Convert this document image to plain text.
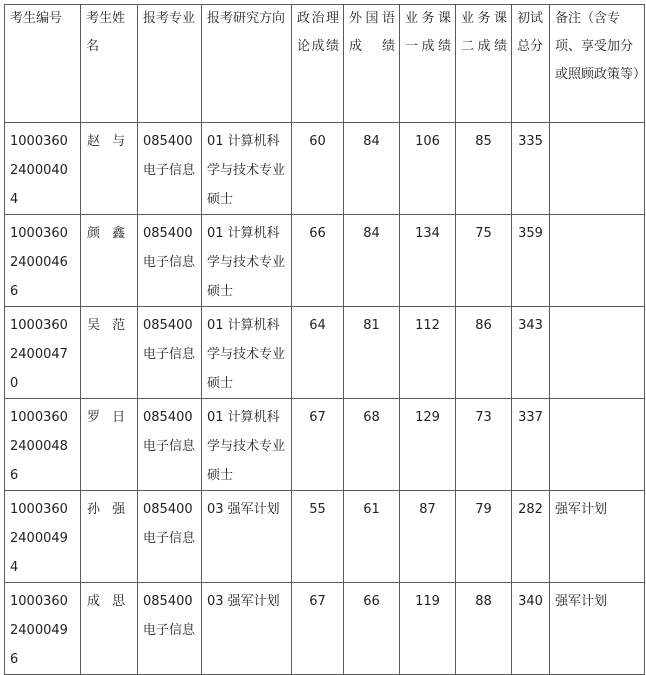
考生编号	考生姓名	报考专业	报考研究方向	政治理论成绩	外国语成绩	业务课一成绩	业务课二成绩	初试总分	备注（含专项、享受加分或照顾政策等）
100036024000404	赵 与	085400电子信息	01 计算机科学与技术专业硕士	60	84	106	85	335	
100036024000466	颜 鑫	085400电子信息	01 计算机科学与技术专业硕士	66	84	134	75	359	
100036024000470	吴 范	085400电子信息	01 计算机科学与技术专业硕士	64	81	112	86	343	
100036024000486	罗 日	085400电子信息	01 计算机科学与技术专业硕士	67	68	129	73	337	
100036024000494	孙 强	085400电子信息	03 强军计划	55	61	87	79	282	强军计划
100036024000496	成 思	085400电子信息	03 强军计划	67	66	119	88	340	强军计划
